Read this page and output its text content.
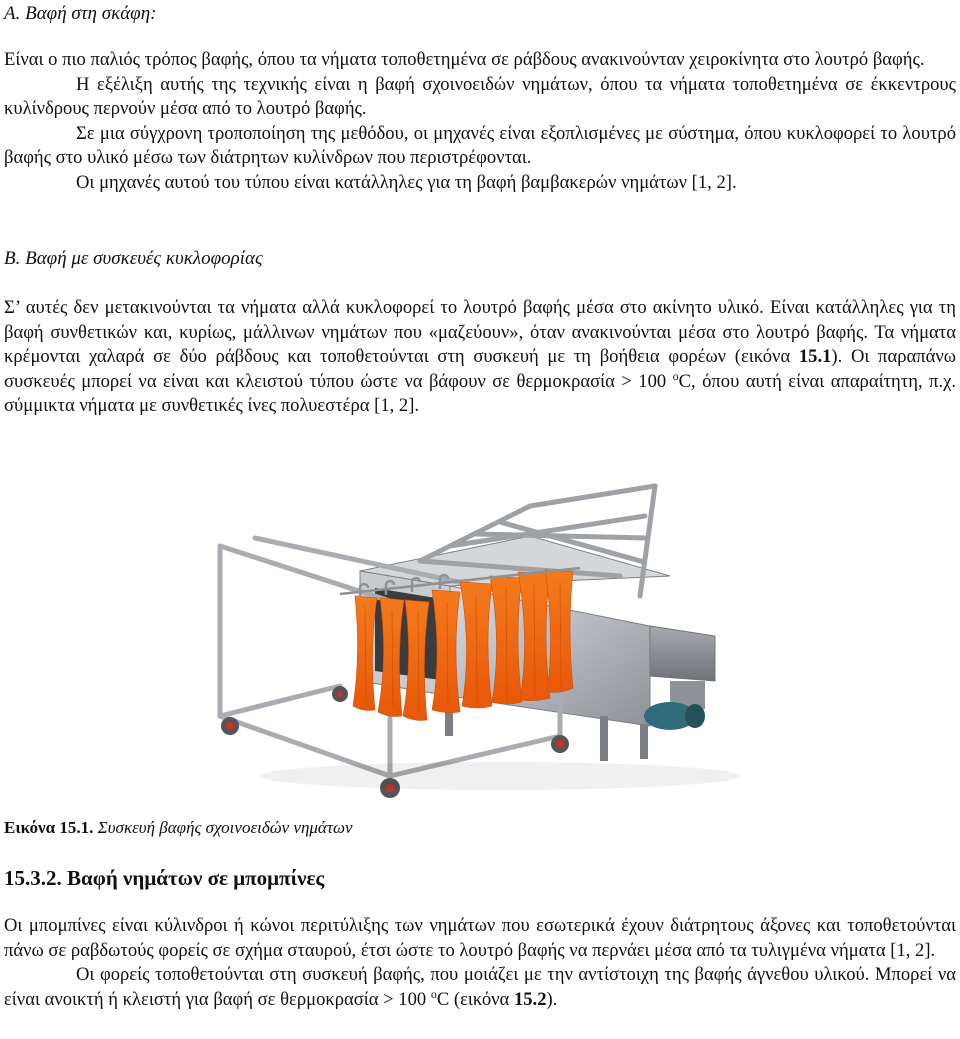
Α. Βαφή στη σκάφη:

Είναι ο πιο παλιός τρόπος βαφής, όπου τα νήματα τοποθετημένα σε ράβδους ανακινούνταν χειροκίνητα στο λουτρό βαφής.

Η εξέλιξη αυτής της τεχνικής είναι η βαφή σχοινοειδών νημάτων, όπου τα νήματα τοποθετημένα σε έκκεντρους κυλίνδρους περνούν μέσα από το λουτρό βαφής.

Σε μια σύγχρονη τροποποίηση της μεθόδου, οι μηχανές είναι εξοπλισμένες με σύστημα, όπου κυκλοφορεί το λουτρό βαφής στο υλικό μέσω των διάτρητων κυλίνδρων που περιστρέφονται.

Οι μηχανές αυτού του τύπου είναι κατάλληλες για τη βαφή βαμβακερών νημάτων [1, 2].

Β. Βαφή με συσκευές κυκλοφορίας

Σ’ αυτές δεν μετακινούνται τα νήματα αλλά κυκλοφορεί το λουτρό βαφής μέσα στο ακίνητο υλικό. Είναι κατάλληλες για τη βαφή συνθετικών και, κυρίως, μάλλινων νημάτων που «μαζεύουν», όταν ανακινούνται μέσα στο λουτρό βαφής. Τα νήματα κρέμονται χαλαρά σε δύο ράβδους και τοποθετούνται στη συσκευή με τη βοήθεια φορέων (εικόνα 15.1). Οι παραπάνω συσκευές μπορεί να είναι και κλειστού τύπου ώστε να βάφουν σε θερμοκρασία > 100 $^o$C, όπου αυτή είναι απαραίτητη, π.χ. σύμμικτα νήματα με συνθετικές ίνες πολυεστέρα [1, 2].

Εικόνα 15.1. Συσκευή βαφής σχοινοειδών νημάτων
15.3.2. Βαφή νημάτων σε μπομπίνες

Οι μπομπίνες είναι κύλινδροι ή κώνοι περιτύλιξης των νημάτων που εσωτερικά έχουν διάτρητους άξονες και τοποθετούνται πάνω σε ραβδωτούς φορείς σε σχήμα σταυρού, έτσι ώστε το λουτρό βαφής να περνάει μέσα από τα τυλιγμένα νήματα [1, 2].

Οι φορείς τοποθετούνται στη συσκευή βαφής, που μοιάζει με την αντίστοιχη της βαφής άγνεθου υλικού. Μπορεί να είναι ανοικτή ή κλειστή για βαφή σε θερμοκρασία > 100 $^o$C (εικόνα 15.2).
